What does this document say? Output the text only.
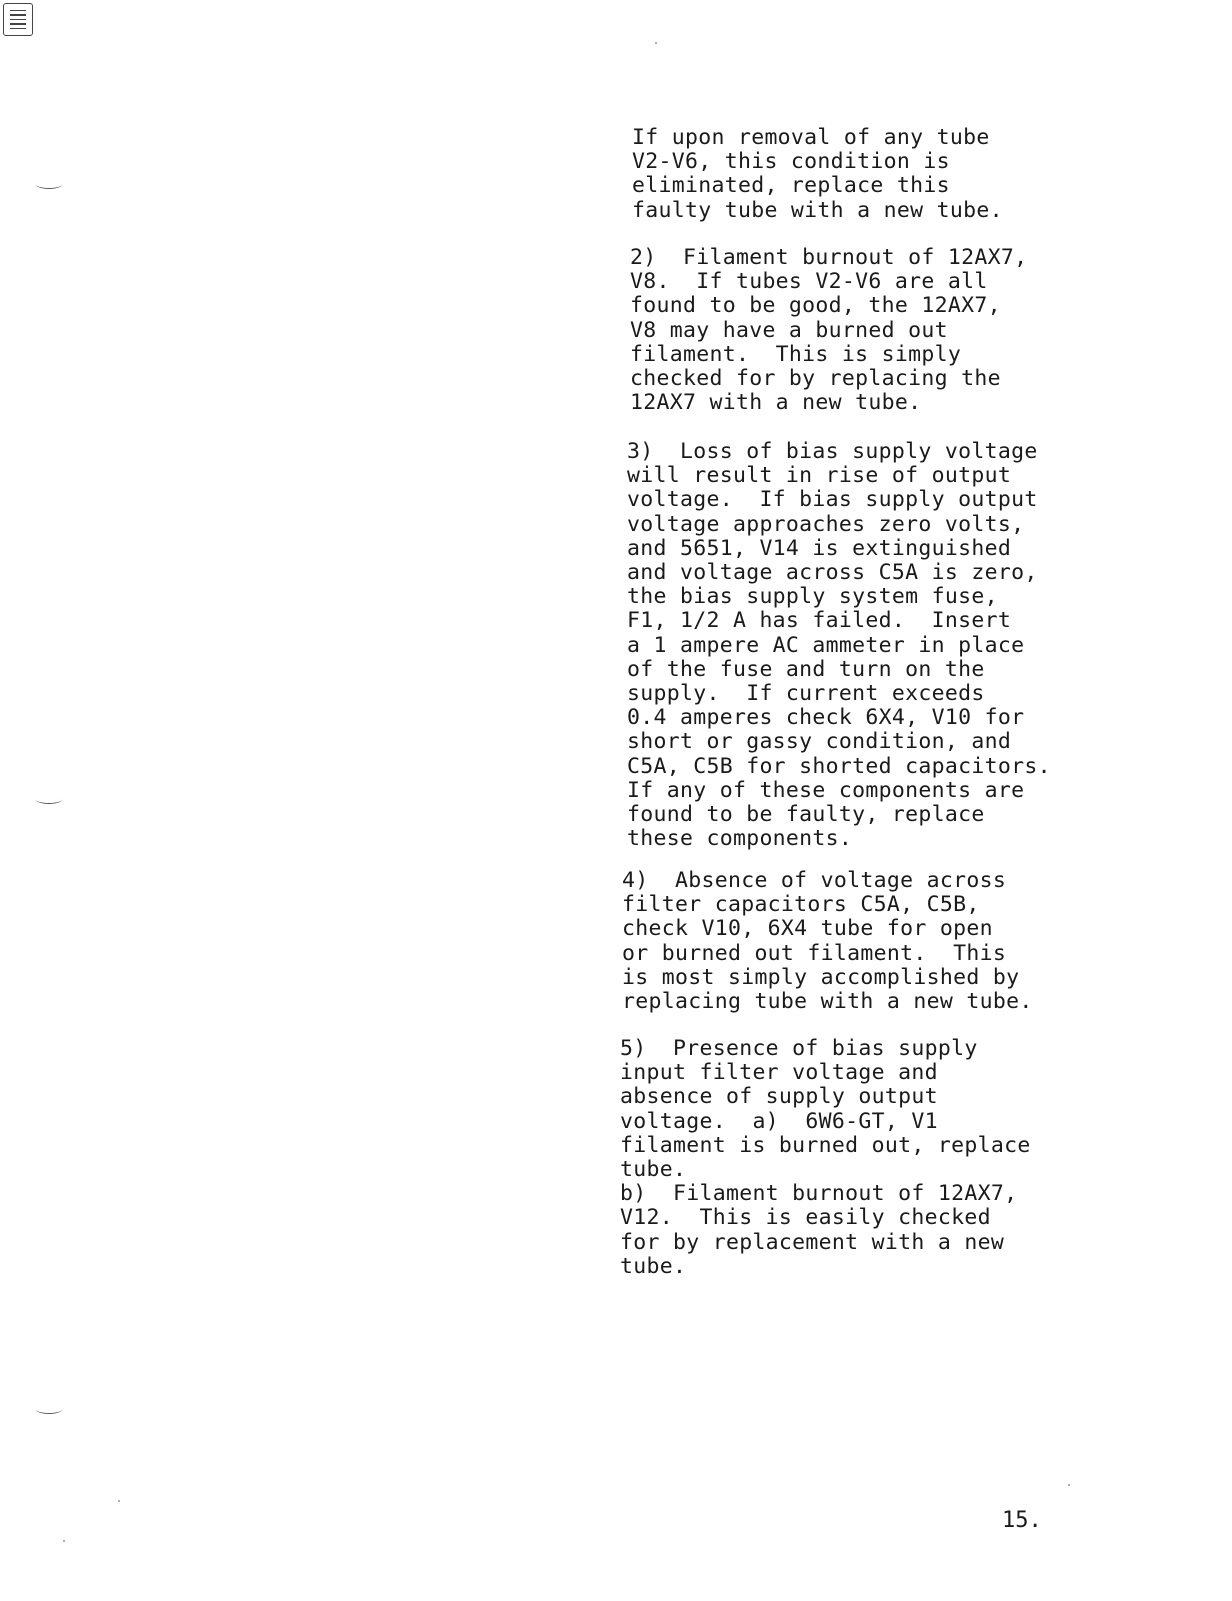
If upon removal of any tube
V2-V6, this condition is
eliminated, replace this
faulty tube with a new tube.

2)  Filament burnout of 12AX7,
V8.  If tubes V2-V6 are all
found to be good, the 12AX7,
V8 may have a burned out
filament.  This is simply
checked for by replacing the
12AX7 with a new tube.

3)  Loss of bias supply voltage
will result in rise of output
voltage.  If bias supply output
voltage approaches zero volts,
and 5651, V14 is extinguished
and voltage across C5A is zero,
the bias supply system fuse,
F1, 1/2 A has failed.  Insert
a 1 ampere AC ammeter in place
of the fuse and turn on the
supply.  If current exceeds
0.4 amperes check 6X4, V10 for
short or gassy condition, and
C5A, C5B for shorted capacitors.
If any of these components are
found to be faulty, replace
these components.

4)  Absence of voltage across
filter capacitors C5A, C5B,
check V10, 6X4 tube for open
or burned out filament.  This
is most simply accomplished by
replacing tube with a new tube.

5)  Presence of bias supply
input filter voltage and
absence of supply output
voltage.  a)  6W6-GT, V1
filament is burned out, replace
tube.
b)  Filament burnout of 12AX7,
V12.  This is easily checked
for by replacement with a new
tube.

15.
